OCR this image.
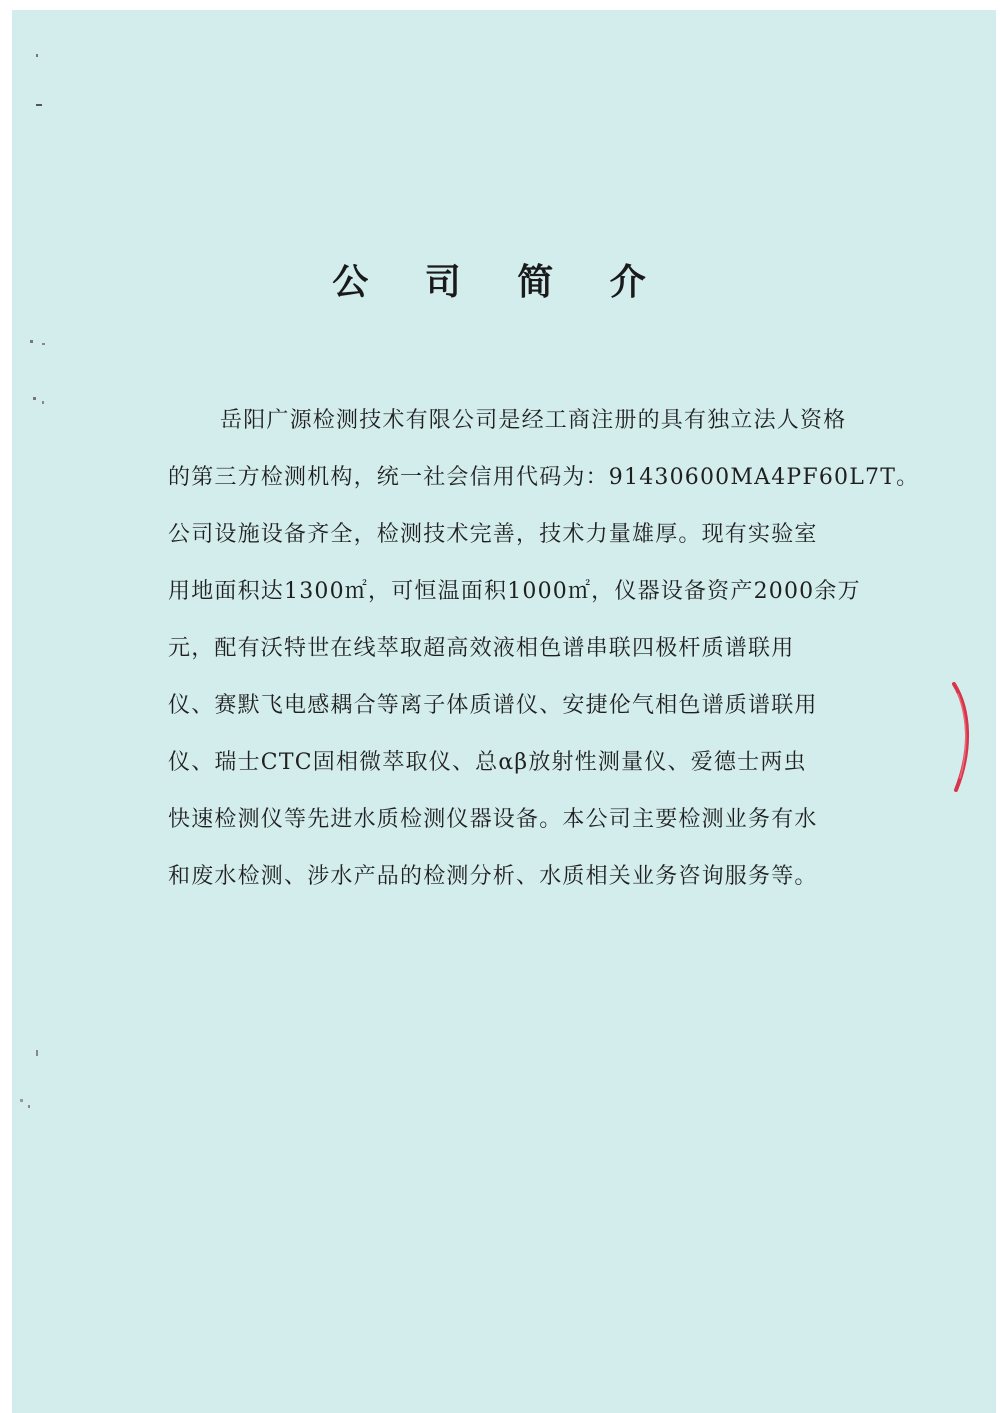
公 司 简 介
岳阳广源检测技术有限公司是经工商注册的具有独立法人资格
的第三方检测机构，统一社会信用代码为：91430600MA4PF60L7T。
公司设施设备齐全，检测技术完善，技术力量雄厚。现有实验室
用地面积达1300㎡，可恒温面积1000㎡，仪器设备资产2000余万
元，配有沃特世在线萃取超高效液相色谱串联四极杆质谱联用
仪、赛默飞电感耦合等离子体质谱仪、安捷伦气相色谱质谱联用
仪、瑞士CTC固相微萃取仪、总αβ放射性测量仪、爱德士两虫
快速检测仪等先进水质检测仪器设备。本公司主要检测业务有水
和废水检测、涉水产品的检测分析、水质相关业务咨询服务等。
